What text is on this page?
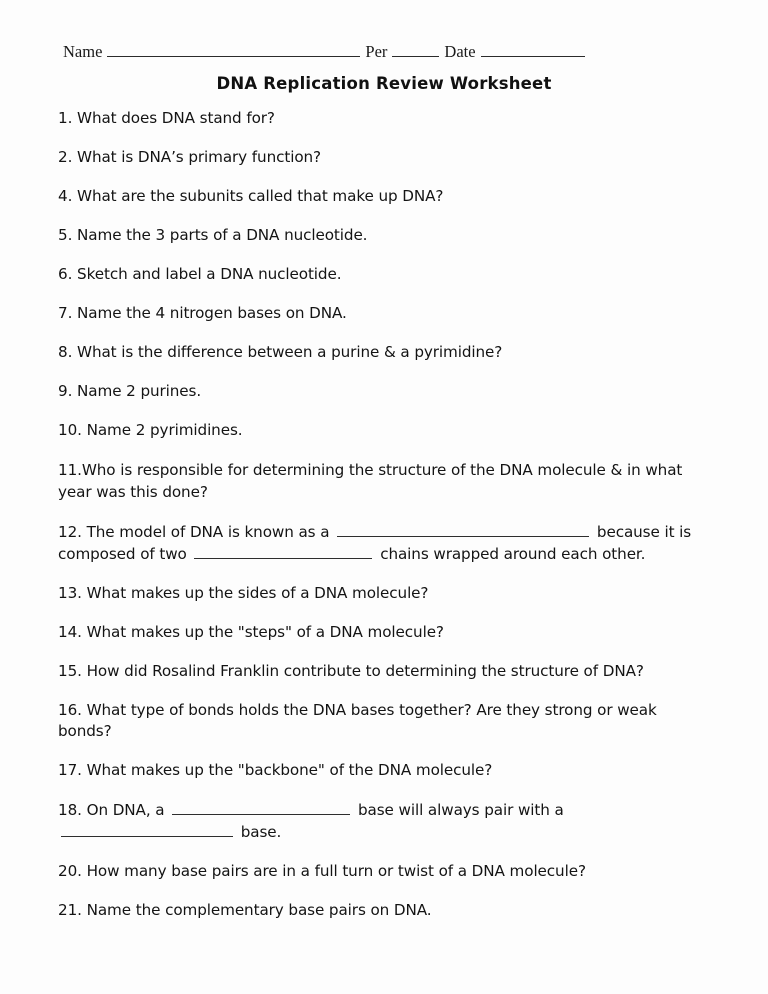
Name	Per	Date
DNA Replication Review Worksheet
1. What does DNA stand for?
2. What is DNA’s primary function?
4. What are the subunits called that make up DNA?
5. Name the 3 parts of a DNA nucleotide.
6. Sketch and label a DNA nucleotide.
7. Name the 4 nitrogen bases on DNA.
8. What is the difference between a purine & a pyrimidine?
9. Name 2 purines.
10. Name 2 pyrimidines.
11.Who is responsible for determining the structure of the DNA molecule & in what year was this done?
12. The model of DNA is known as a	because it is composed of two	chains wrapped around each other.
13. What makes up the sides of a DNA molecule?
14. What makes up the "steps" of a DNA molecule?
15. How did Rosalind Franklin contribute to determining the structure of DNA?
16. What type of bonds holds the DNA bases together? Are they strong or weak bonds?
17. What makes up the "backbone" of the DNA molecule?
18. On DNA, a	base will always pair with a  base.
20. How many base pairs are in a full turn or twist of a DNA molecule?
21. Name the complementary base pairs on DNA.
